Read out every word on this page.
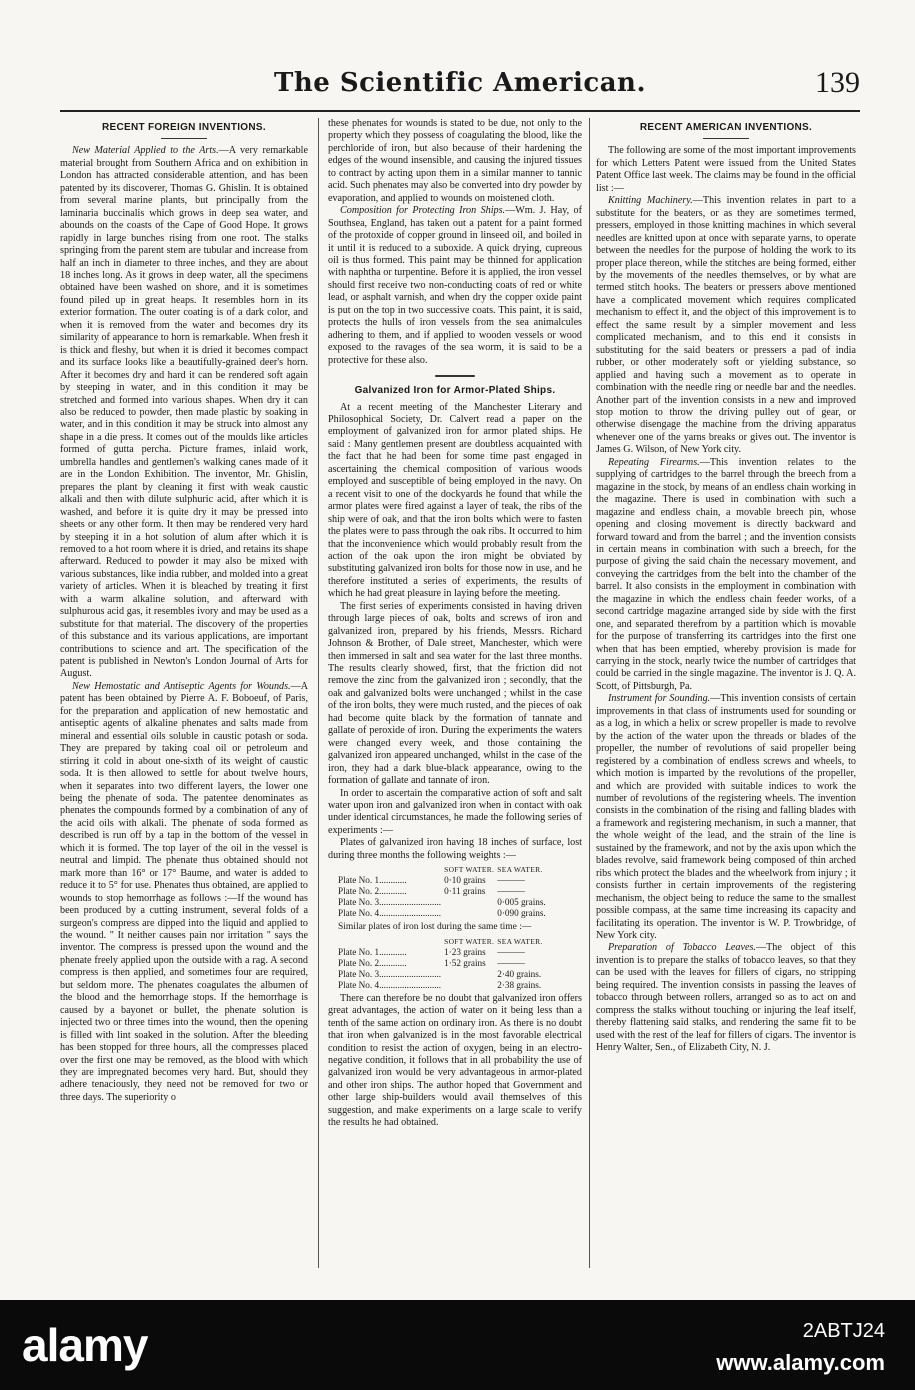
The Scientific American.	139
RECENT FOREIGN INVENTIONS.

New Material Applied to the Arts.—A very remarkable material brought from Southern Africa and on exhibition in London has attracted considerable attention, and has been patented by its discoverer, Thomas G. Ghislin. It is obtained from several marine plants, but principally from the laminaria buccinalis which grows in deep sea water, and abounds on the coasts of the Cape of Good Hope. It grows rapidly in large bunches rising from one root. The stalks springing from the parent stem are tubular and increase from half an inch in diameter to three inches, and they are about 18 inches long. As it grows in deep water, all the specimens obtained have been washed on shore, and it is sometimes found piled up in great heaps. It resembles horn in its exterior formation. The outer coating is of a dark color, and when it is removed from the water and becomes dry its similarity of appearance to horn is remarkable. When fresh it is thick and fleshy, but when it is dried it becomes compact and its surface looks like a beautifully-grained deer's horn. After it becomes dry and hard it can be rendered soft again by steeping in water, and in this condition it may be stretched and formed into various shapes. When dry it can also be reduced to powder, then made plastic by soaking in water, and in this condition it may be struck into almost any shape in a die press. It comes out of the moulds like articles formed of gutta percha. Picture frames, inlaid work, umbrella handles and gentlemen's walking canes made of it are in the London Exhibition. The inventor, Mr. Ghislin, prepares the plant by cleaning it first with weak caustic alkali and then with dilute sulphuric acid, after which it is washed, and before it is quite dry it may be pressed into sheets or any other form. It then may be rendered very hard by steeping it in a hot solution of alum after which it is removed to a hot room where it is dried, and retains its shape afterward. Reduced to powder it may also be mixed with various substances, like india rubber, and molded into a great variety of articles. When it is bleached by treating it first with a warm alkaline solution, and afterward with sulphurous acid gas, it resembles ivory and may be used as a substitute for that material. The discovery of the properties of this substance and its various applications, are important contributions to science and art. The specification of the patent is published in Newton's London Journal of Arts for August.

New Hemostatic and Antiseptic Agents for Wounds.—A patent has been obtained by Pierre A. F. Boboeuf, of Paris, for the preparation and application of new hemostatic and antiseptic agents of alkaline phenates and salts made from mineral and essential oils soluble in caustic potash or soda. They are prepared by taking coal oil or petroleum and stirring it cold in about one-sixth of its weight of caustic soda. It is then allowed to settle for about twelve hours, when it separates into two different layers, the lower one being the phenate of soda. The patentee denominates as phenates the compounds formed by a combination of any of the acid oils with alkali. The phenate of soda formed as described is run off by a tap in the bottom of the vessel in which it is formed. The top layer of the oil in the vessel is neutral and limpid. The phenate thus obtained should not mark more than 16° or 17° Baume, and water is added to reduce it to 5° for use. Phenates thus obtained, are applied to wounds to stop hemorrhage as follows :—If the wound has been produced by a cutting instrument, several folds of a surgeon's compress are dipped into the liquid and applied to the wound. " It neither causes pain nor irritation " says the inventor. The compress is pressed upon the wound and the phenate freely applied upon the outside with a rag. A second compress is then applied, and sometimes four are required, but seldom more. The phenates coagulates the albumen of the blood and the hemorrhage stops. If the hemorrhage is caused by a bayonet or bullet, the phenate solution is injected two or three times into the wound, then the opening is filled with lint soaked in the solution. After the bleeding has been stopped for three hours, all the compresses placed over the first one may be removed, as the blood with which they are impregnated becomes very hard. But, should they adhere tenaciously, they need not be removed for two or three days. The superiority o

these phenates for wounds is stated to be due, not only to the property which they possess of coagulating the blood, like the perchloride of iron, but also because of their hardening the edges of the wound insensible, and causing the injured tissues to contract by acting upon them in a similar manner to tannic acid. Such phenates may also be converted into dry powder by evaporation, and applied to wounds on moistened cloth.

Composition for Protecting Iron Ships.—Wm. J. Hay, of Southsea, England, has taken out a patent for a paint formed of the protoxide of copper ground in linseed oil, and boiled in it until it is reduced to a suboxide. A quick drying, cupreous oil is thus formed. This paint may be thinned for application with naphtha or turpentine. Before it is applied, the iron vessel should first receive two non-conducting coats of red or white lead, or asphalt varnish, and when dry the copper oxide paint is put on the top in two successive coats. This paint, it is said, protects the hulls of iron vessels from the sea animalcules adhering to them, and if applied to wooden vessels or wood exposed to the ravages of the sea worm, it is said to be a protective for these also.

Galvanized Iron for Armor-Plated Ships.

At a recent meeting of the Manchester Literary and Philosophical Society, Dr. Calvert read a paper on the employment of galvanized iron for armor plated ships. He said : Many gentlemen present are doubtless acquainted with the fact that he had been for some time past engaged in ascertaining the chemical composition of various woods employed and susceptible of being employed in the navy. On a recent visit to one of the dockyards he found that while the armor plates were fired against a layer of teak, the ribs of the ship were of oak, and that the iron bolts which were to fasten the plates were to pass through the oak ribs. It occurred to him that the inconvenience which would probably result from the action of the oak upon the iron might be obviated by substituting galvanized iron bolts for those now in use, and he therefore instituted a series of experiments, the results of which he had great pleasure in laying before the meeting.

The first series of experiments consisted in having driven through large pieces of oak, bolts and screws of iron and galvanized iron, prepared by his friends, Messrs. Richard Johnson & Brother, of Dale street, Manchester, which were then immersed in salt and sea water for the last three months. The results clearly showed, first, that the friction did not remove the zinc from the galvanized iron ; secondly, that the oak and galvanized bolts were unchanged ; whilst in the case of the iron bolts, they were much rusted, and the pieces of oak had become quite black by the formation of tannate and gallate of peroxide of iron. During the experiments the waters were changed every week, and those containing the galvanized iron appeared unchanged, whilst in the case of the iron, they had a dark blue-black appearance, owing to the formation of gallate and tannate of iron.

In order to ascertain the comparative action of soft and salt water upon iron and galvanized iron when in contact with oak under identical circumstances, he made the following series of experiments :—

Plates of galvanized iron having 18 inches of surface, lost during three months the following weights :—

	SOFT WATER.	SEA WATER.
Plate No. 1............	0·10 grains	———
Plate No. 2............	0·11 grains	———
Plate No. 3...........................		0·005 grains.
Plate No. 4...........................		0·090 grains.
Similar plates of iron lost during the same time :—
	SOFT WATER.	SEA WATER.
Plate No. 1............	1·23 grains	———
Plate No. 2............	1·52 grains	———
Plate No. 3...........................		2·40 grains.
Plate No. 4...........................		2·38 grains.

There can therefore be no doubt that galvanized iron offers great advantages, the action of water on it being less than a tenth of the same action on ordinary iron. As there is no doubt that iron when galvanized is in the most favorable electrical condition to resist the action of oxygen, being in an electro-negative condition, it follows that in all probability the use of galvanized iron would be very advantageous in armor-plated and other iron ships. The author hoped that Government and other large ship-builders would avail themselves of this suggestion, and make experiments on a large scale to verify the results he had obtained.

RECENT AMERICAN INVENTIONS.

The following are some of the most important improvements for which Letters Patent were issued from the United States Patent Office last week. The claims may be found in the official list :—

Knitting Machinery.—This invention relates in part to a substitute for the beaters, or as they are sometimes termed, pressers, employed in those knitting machines in which several needles are knitted upon at once with separate yarns, to operate between the needles for the purpose of holding the work to its proper place thereon, while the stitches are being formed, either by the movements of the needles themselves, or by what are termed stitch hooks. The beaters or pressers above mentioned have a complicated movement which requires complicated mechanism to effect it, and the object of this improvement is to effect the same result by a simpler movement and less complicated mechanism, and to this end it consists in substituting for the said beaters or pressers a pad of india rubber, or other moderately soft or yielding substance, so applied and having such a movement as to operate in combination with the needle ring or needle bar and the needles. Another part of the invention consists in a new and improved stop motion to throw the driving pulley out of gear, or otherwise disengage the machine from the driving apparatus whenever one of the yarns breaks or gives out. The inventor is James G. Wilson, of New York city.

Repeating Firearms.—This invention relates to the supplying of cartridges to the barrel through the breech from a magazine in the stock, by means of an endless chain working in the magazine. There is used in combination with such a magazine and endless chain, a movable breech pin, whose opening and closing movement is directly backward and forward toward and from the barrel ; and the invention consists in certain means in combination with such a breech, for the purpose of giving the said chain the necessary movement, and conveying the cartridges from the belt into the chamber of the barrel. It also consists in the employment in combination with the magazine in which the endless chain feeder works, of a second cartridge magazine arranged side by side with the first one, and separated therefrom by a partition which is movable for the purpose of transferring its cartridges into the first one when that has been emptied, whereby provision is made for carrying in the stock, nearly twice the number of cartridges that could be carried in the single magazine. The inventor is J. Q. A. Scott, of Pittsburgh, Pa.

Instrument for Sounding.—This invention consists of certain improvements in that class of instruments used for sounding or as a log, in which a helix or screw propeller is made to revolve by the action of the water upon the threads or blades of the propeller, the number of revolutions of said propeller being registered by a combination of endless screws and wheels, to which motion is imparted by the revolutions of the propeller, and which are provided with suitable indices to work the number of revolutions of the registering wheels. The invention consists in the combination of the rising and falling blades with a framework and registering mechanism, in such a manner, that the whole weight of the lead, and the strain of the line is sustained by the framework, and not by the axis upon which the blades revolve, said framework being composed of thin arched ribs which protect the blades and the wheelwork from injury ; it consists further in certain improvements of the registering mechanism, the object being to reduce the same to the smallest possible compass, at the same time increasing its capacity and facilitating its operation. The inventor is W. P. Trowbridge, of New York city.

Preparation of Tobacco Leaves.—The object of this invention is to prepare the stalks of tobacco leaves, so that they can be used with the leaves for fillers of cigars, no stripping being required. The invention consists in passing the leaves of tobacco through between rollers, arranged so as to act on and compress the stalks without touching or injuring the leaf itself, thereby flattening said stalks, and rendering the same fit to be used with the rest of the leaf for fillers of cigars. The inventor is Henry Walter, Sen., of Elizabeth City, N. J.

alamy	2ABTJ24
www.alamy.com
